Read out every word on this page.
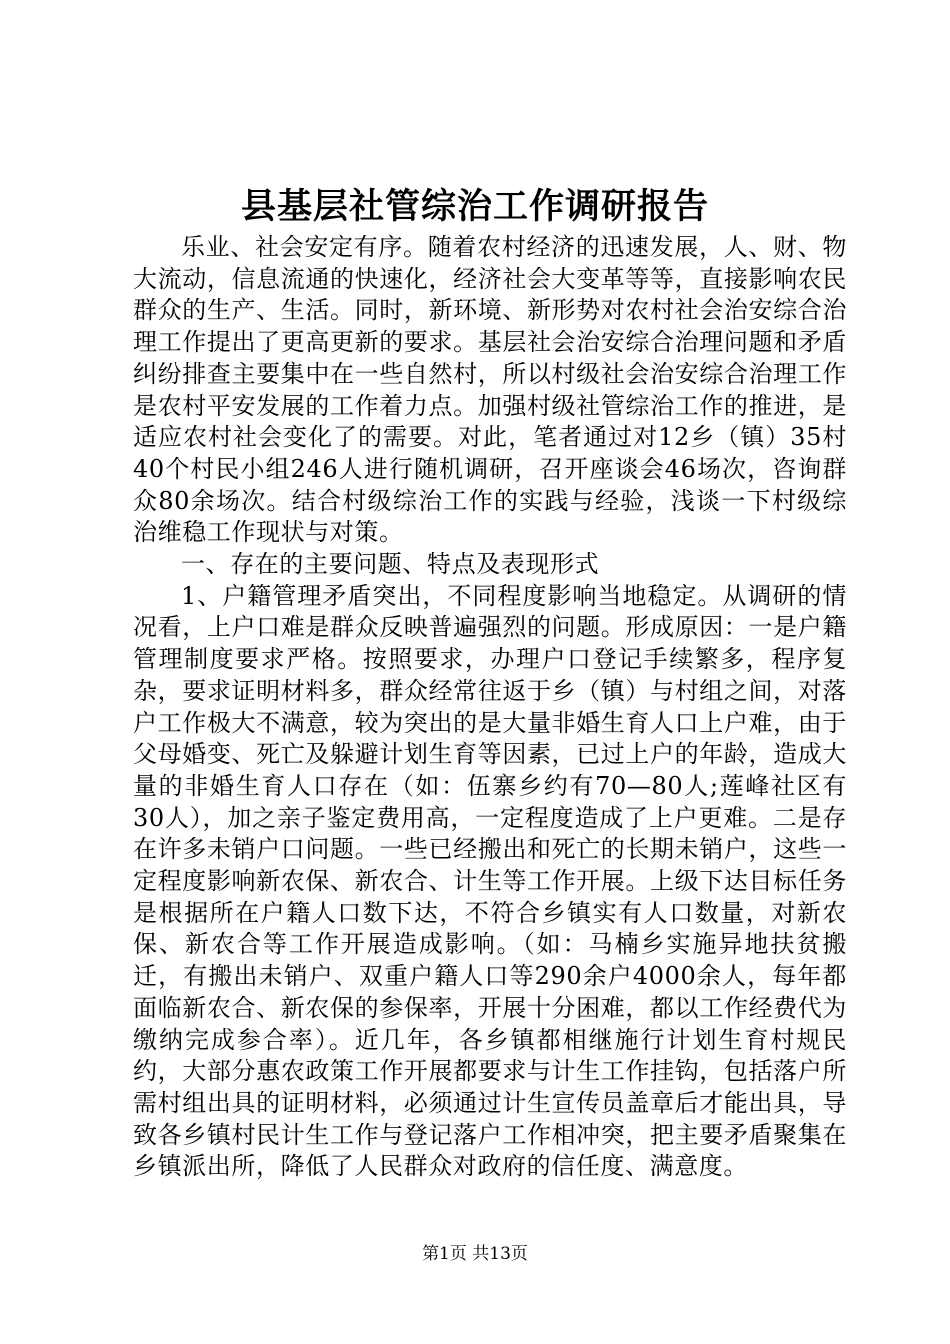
县基层社管综治工作调研报告

乐业、社会安定有序。随着农村经济的迅速发展，人、财、物大流动，信息流通的快速化，经济社会大变革等等，直接影响农民群众的生产、生活。同时，新环境、新形势对农村社会治安综合治理工作提出了更高更新的要求。基层社会治安综合治理问题和矛盾纠纷排查主要集中在一些自然村，所以村级社会治安综合治理工作是农村平安发展的工作着力点。加强村级社管综治工作的推进，是适应农村社会变化了的需要。对此，笔者通过对12乡（镇）35村40个村民小组246人进行随机调研，召开座谈会46场次，咨询群众80余场次。结合村级综治工作的实践与经验，浅谈一下村级综治维稳工作现状与对策。

一、存在的主要问题、特点及表现形式

1、户籍管理矛盾突出，不同程度影响当地稳定。从调研的情况看，上户口难是群众反映普遍强烈的问题。形成原因：一是户籍管理制度要求严格。按照要求，办理户口登记手续繁多，程序复杂，要求证明材料多，群众经常往返于乡（镇）与村组之间，对落户工作极大不满意，较为突出的是大量非婚生育人口上户难，由于父母婚变、死亡及躲避计划生育等因素，已过上户的年龄，造成大量的非婚生育人口存在（如：伍寨乡约有70—80人;莲峰社区有30人），加之亲子鉴定费用高，一定程度造成了上户更难。二是存在许多未销户口问题。一些已经搬出和死亡的长期未销户，这些一定程度影响新农保、新农合、计生等工作开展。上级下达目标任务是根据所在户籍人口数下达，不符合乡镇实有人口数量，对新农保、新农合等工作开展造成影响。（如：马楠乡实施异地扶贫搬迁，有搬出未销户、双重户籍人口等290余户4000余人，每年都面临新农合、新农保的参保率，开展十分困难，都以工作经费代为缴纳完成参合率）。近几年，各乡镇都相继施行计划生育村规民约，大部分惠农政策工作开展都要求与计生工作挂钩，包括落户所需村组出具的证明材料，必须通过计生宣传员盖章后才能出具，导致各乡镇村民计生工作与登记落户工作相冲突，把主要矛盾聚集在乡镇派出所，降低了人民群众对政府的信任度、满意度。

第1页 共13页
